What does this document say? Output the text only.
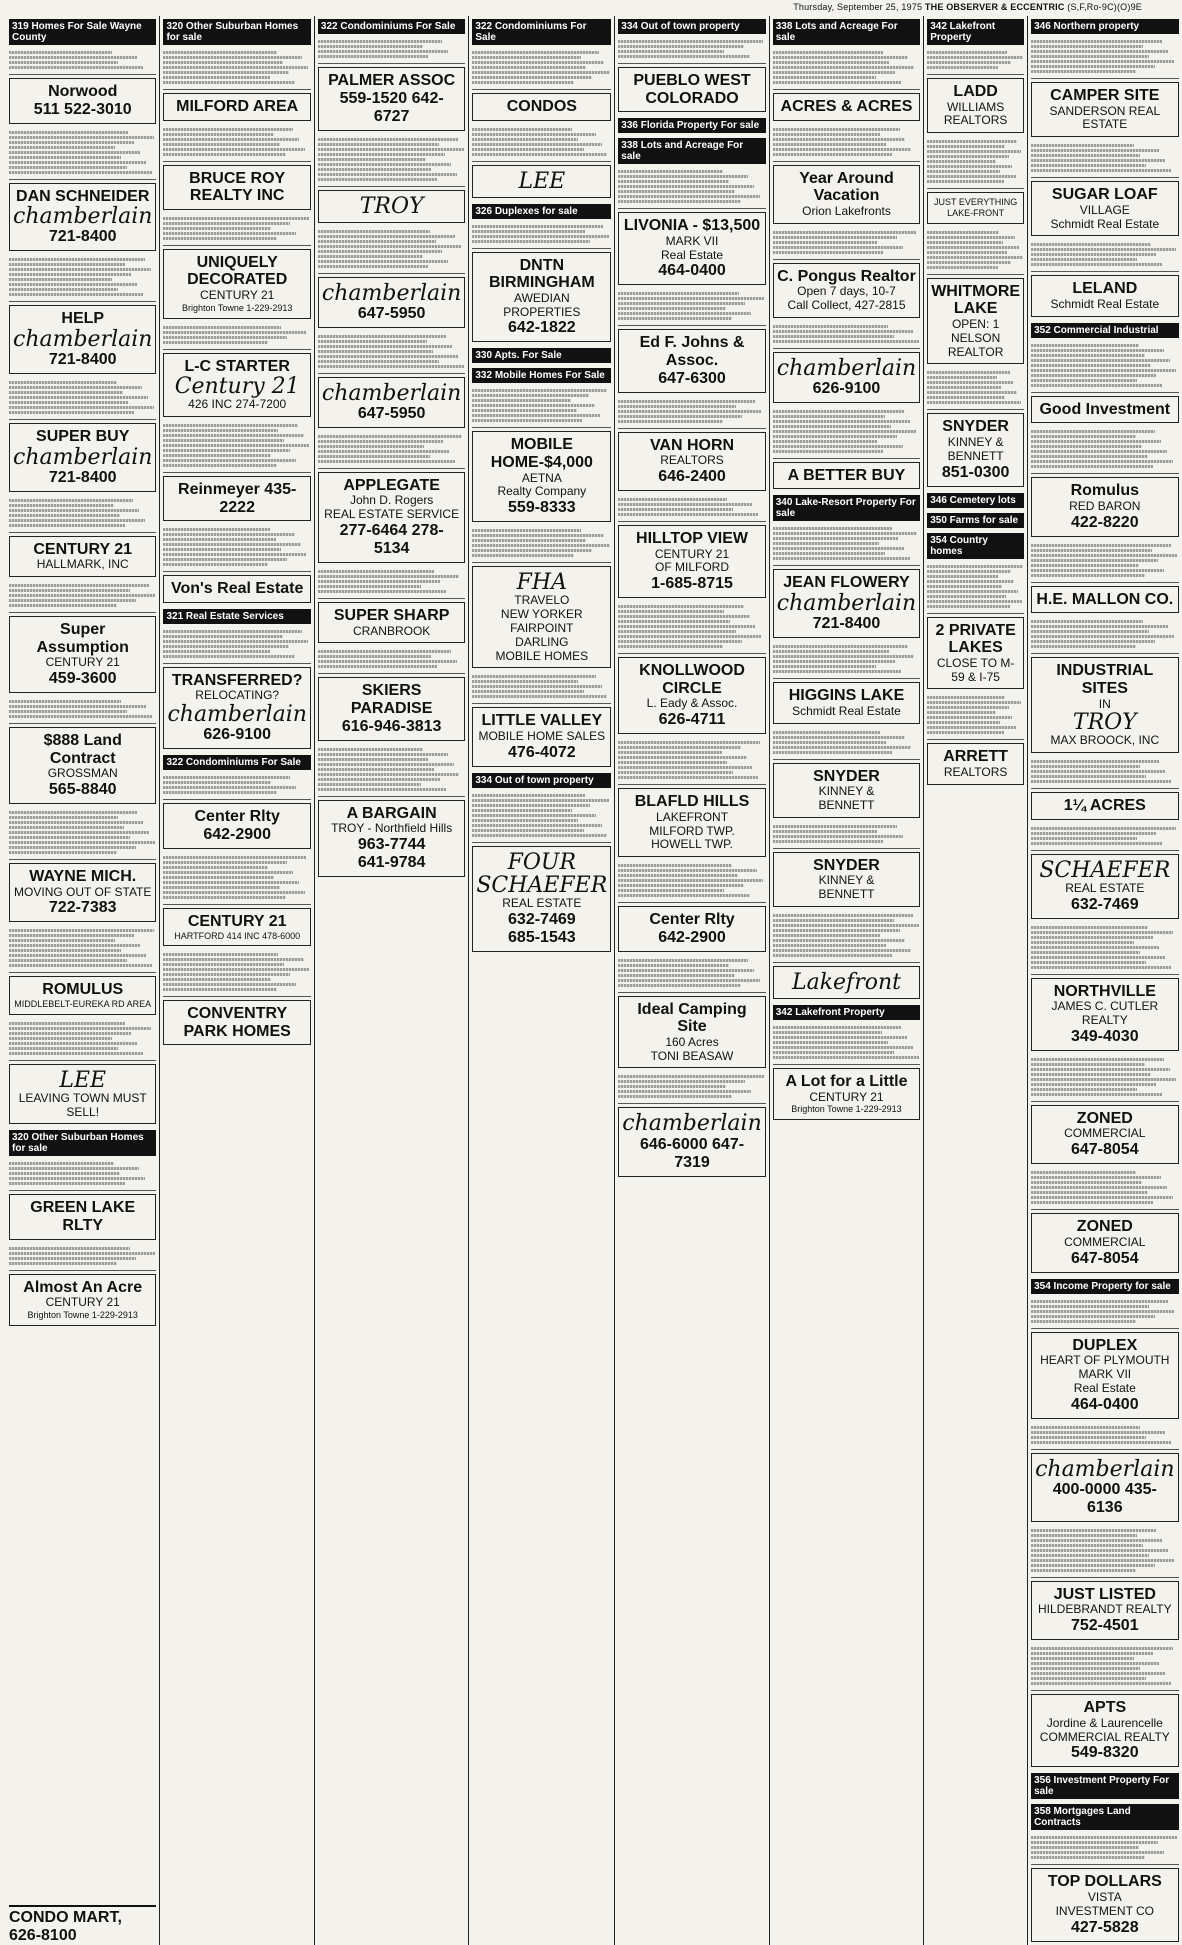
Thursday, September 25, 1975 THE OBSERVER & ECCENTRIC (S,F,Ro-9C)(O)9E
319 Homes For Sale Wayne County
Norwood
511 522-3010
DAN SCHNEIDER
chamberlain
721-8400
HELP
chamberlain
721-8400
SUPER BUY
chamberlain
721-8400
CENTURY 21
HALLMARK, INC
Super Assumption
CENTURY 21
459-3600
$888 Land Contract
GROSSMAN
565-8840
WAYNE MICH.
MOVING OUT OF STATE
722-7383
ROMULUS
MIDDLEBELT-EUREKA RD AREA
LEE
LEAVING TOWN MUST SELL!
320 Other Suburban Homes for sale
GREEN LAKE RLTY
Almost An Acre
CENTURY 21
Brighton Towne 1-229-2913
CONDO MART, 626-8100
320 Other Suburban Homes for sale
MILFORD AREA
BRUCE ROY REALTY INC
UNIQUELY DECORATED
CENTURY 21
Brighton Towne 1-229-2913
L-C STARTER
Century 21
426 INC 274-7200
Reinmeyer 435-2222
Von's Real Estate
321 Real Estate Services
TRANSFERRED?
RELOCATING?
chamberlain
626-9100
322 Condominiums For Sale
Center Rlty
642-2900
CENTURY 21
HARTFORD 414 INC 478-6000
CONVENTRY PARK HOMES
322 Condominiums For Sale
PALMER ASSOC
559-1520 642-6727
TROY
chamberlain
647-5950
chamberlain
647-5950
APPLEGATE
John D. Rogers
REAL ESTATE SERVICE
277-6464 278-5134
SUPER SHARP
CRANBROOK
SKIERS PARADISE
616-946-3813
A BARGAIN
TROY - Northfield Hills
963-7744
641-9784
322 Condominiums For Sale
CONDOS
LEE
326 Duplexes for sale
DNTN BIRMINGHAM
AWEDIAN PROPERTIES
642-1822
330 Apts. For Sale
332 Mobile Homes For Sale
MOBILE HOME-$4,000
AETNA
Realty Company
559-8333
FHA
TRAVELO
NEW YORKER
FAIRPOINT
DARLING
MOBILE HOMES
LITTLE VALLEY
MOBILE HOME SALES
476-4072
334 Out of town property
FOUR
SCHAEFER
REAL ESTATE
632-7469
685-1543
334 Out of town property
PUEBLO WEST COLORADO
336 Florida Property For sale
338 Lots and Acreage For sale
LIVONIA - $13,500
MARK VII
Real Estate
464-0400
Ed F. Johns & Assoc.
647-6300
VAN HORN
REALTORS
646-2400
HILLTOP VIEW
CENTURY 21
OF MILFORD
1-685-8715
KNOLLWOOD CIRCLE
L. Eady & Assoc.
626-4711
BLAFLD HILLS
LAKEFRONT
MILFORD TWP.
HOWELL TWP.
Center Rlty
642-2900
Ideal Camping Site
160 Acres
TONI BEASAW
chamberlain
646-6000 647-7319
338 Lots and Acreage For sale
ACRES & ACRES
Year Around Vacation
Orion Lakefronts
C. Pongus Realtor
Open 7 days, 10-7
Call Collect, 427-2815
chamberlain
626-9100
A BETTER BUY
340 Lake-Resort Property For sale
JEAN FLOWERY
chamberlain
721-8400
HIGGINS LAKE
Schmidt Real Estate
SNYDER
KINNEY &
BENNETT
SNYDER
KINNEY &
BENNETT
Lakefront
342 Lakefront Property
A Lot for a Little
CENTURY 21
Brighton Towne 1-229-2913
342 Lakefront Property
LADD
WILLIAMS
REALTORS
JUST EVERYTHING LAKE-FRONT
WHITMORE LAKE
OPEN: 1 NELSON REALTOR
SNYDER
KINNEY &
BENNETT
851-0300
346 Cemetery lots
350 Farms for sale
354 Country homes
2 PRIVATE LAKES
CLOSE TO M-59 & I-75
ARRETT
REALTORS
346 Northern property
CAMPER SITE
SANDERSON REAL ESTATE
SUGAR LOAF
VILLAGE
Schmidt Real Estate
LELAND
Schmidt Real Estate
352 Commercial Industrial
Good Investment
Romulus
RED BARON
422-8220
H.E. MALLON CO.
INDUSTRIAL SITES
IN
TROY
MAX BROOCK, INC
1¼ ACRES
SCHAEFER
REAL ESTATE
632-7469
NORTHVILLE
JAMES C. CUTLER
REALTY
349-4030
ZONED
COMMERCIAL
647-8054
ZONED
COMMERCIAL
647-8054
354 Income Property for sale
DUPLEX
HEART OF PLYMOUTH
MARK VII
Real Estate
464-0400
chamberlain
400-0000 435-6136
JUST LISTED
HILDEBRANDT REALTY
752-4501
APTS
Jordine & Laurencelle
COMMERCIAL REALTY
549-8320
356 Investment Property For sale
358 Mortgages Land Contracts
TOP DOLLARS
VISTA
INVESTMENT CO
427-5828
